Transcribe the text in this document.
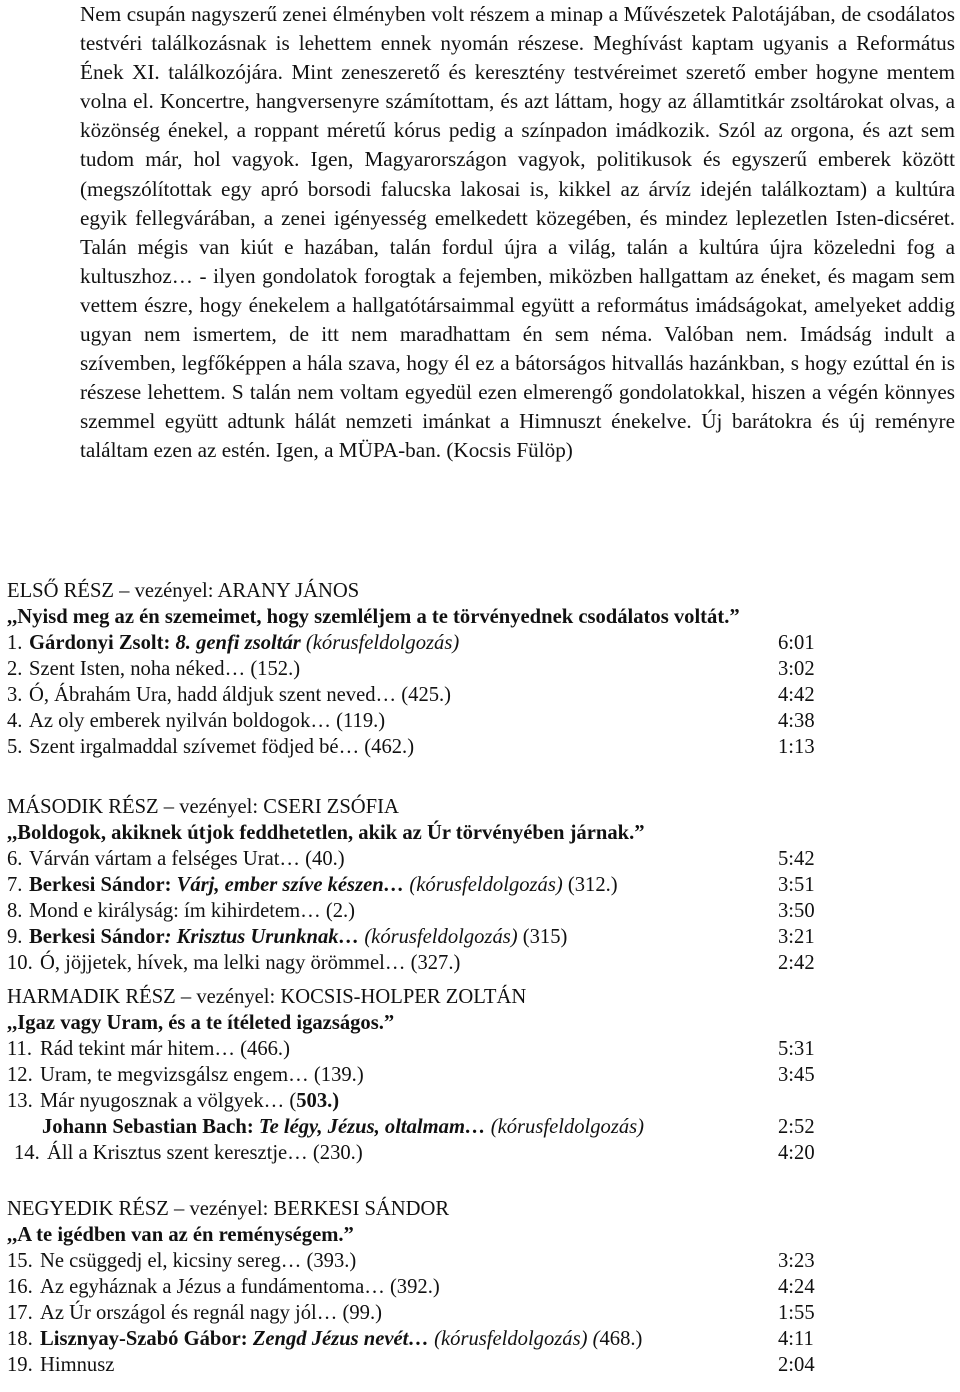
Nem csupán nagyszerű zenei élményben volt részem a minap a Művészetek Palotájában, de csodálatos testvéri találkozásnak is lehettem ennek nyomán részese. Meghívást kaptam ugyanis a Református Ének XI. találkozójára. Mint zeneszerető és keresztény testvéreimet szerető ember hogyne mentem volna el. Koncertre, hangversenyre számítottam, és azt láttam, hogy az államtitkár zsoltárokat olvas, a közönség énekel, a roppant méretű kórus pedig a színpadon imádkozik. Szól az orgona, és azt sem tudom már, hol vagyok. Igen, Magyarországon vagyok, politikusok és egyszerű emberek között (megszólítottak egy apró borsodi falucska lakosai is, kikkel az árvíz idején találkoztam) a kultúra egyik fellegvárában, a zenei igényesség emelkedett közegében, és mindez leplezetlen Isten-dicséret. Talán mégis van kiút e hazában, talán fordul újra a világ, talán a kultúra újra közeledni fog a kultuszhoz… - ilyen gondolatok forogtak a fejemben, miközben hallgattam az éneket, és magam sem vettem észre, hogy énekelem a hallgatótársaimmal együtt a református imádságokat, amelyeket addig ugyan nem ismertem, de itt nem maradhattam én sem néma. Valóban nem. Imádság indult a szívemben, legfőképpen a hála szava, hogy él ez a bátorságos hitvallás hazánkban, s hogy ezúttal én is részese lehettem. S talán nem voltam egyedül ezen elmerengő gondolatokkal, hiszen a végén könnyes szemmel együtt adtunk hálát nemzeti imánkat a Himnuszt énekelve. Új barátokra és új reményre találtam ezen az estén. Igen, a MÜPA-ban. (Kocsis Fülöp)

ELSŐ RÉSZ – vezényel: ARANY JÁNOS
,,Nyisd meg az én szemeimet, hogy szemléljem a te törvényednek csodálatos voltát.”
1. Gárdonyi Zsolt: 8. genfi zsoltár (kórusfeldolgozás)	6:01
2. Szent Isten, noha néked… (152.)	3:02
3. Ó, Ábrahám Ura, hadd áldjuk szent neved… (425.)	4:42
4. Az oly emberek nyilván boldogok… (119.)	4:38
5. Szent irgalmaddal szívemet födjed bé… (462.)	1:13
MÁSODIK RÉSZ – vezényel: CSERI ZSÓFIA
,,Boldogok, akiknek útjok feddhetetlen, akik az Úr törvényében járnak.”
6. Várván vártam a felséges Urat… (40.)	5:42
7. Berkesi Sándor: Várj, ember szíve készen… (kórusfeldolgozás) (312.)	3:51
8. Mond e királyság: ím kihirdetem… (2.)	3:50
9. Berkesi Sándor: Krisztus Urunknak… (kórusfeldolgozás) (315)	3:21
10. Ó, jöjjetek, hívek, ma lelki nagy örömmel… (327.)	2:42
HARMADIK RÉSZ – vezényel: KOCSIS-HOLPER ZOLTÁN
,,Igaz vagy Uram, és a te ítéleted igazságos.”
11. Rád tekint már hitem… (466.)	5:31
12. Uram, te megvizsgálsz engem… (139.)	3:45
13. Már nyugosznak a völgyek… (503.)
Johann Sebastian Bach: Te légy, Jézus, oltalmam… (kórusfeldolgozás)	2:52
14. Áll a Krisztus szent keresztje… (230.)	4:20
NEGYEDIK RÉSZ – vezényel: BERKESI SÁNDOR
,,A te igédben van az én reménységem.”
15. Ne csüggedj el, kicsiny sereg… (393.)	3:23
16. Az egyháznak a Jézus a fundámentoma… (392.)	4:24
17. Az Úr országol és regnál nagy jól… (99.)	1:55
18. Lisznyay-Szabó Gábor: Zengd Jézus nevét… (kórusfeldolgozás) (468.)	4:11
19. Himnusz	2:04
